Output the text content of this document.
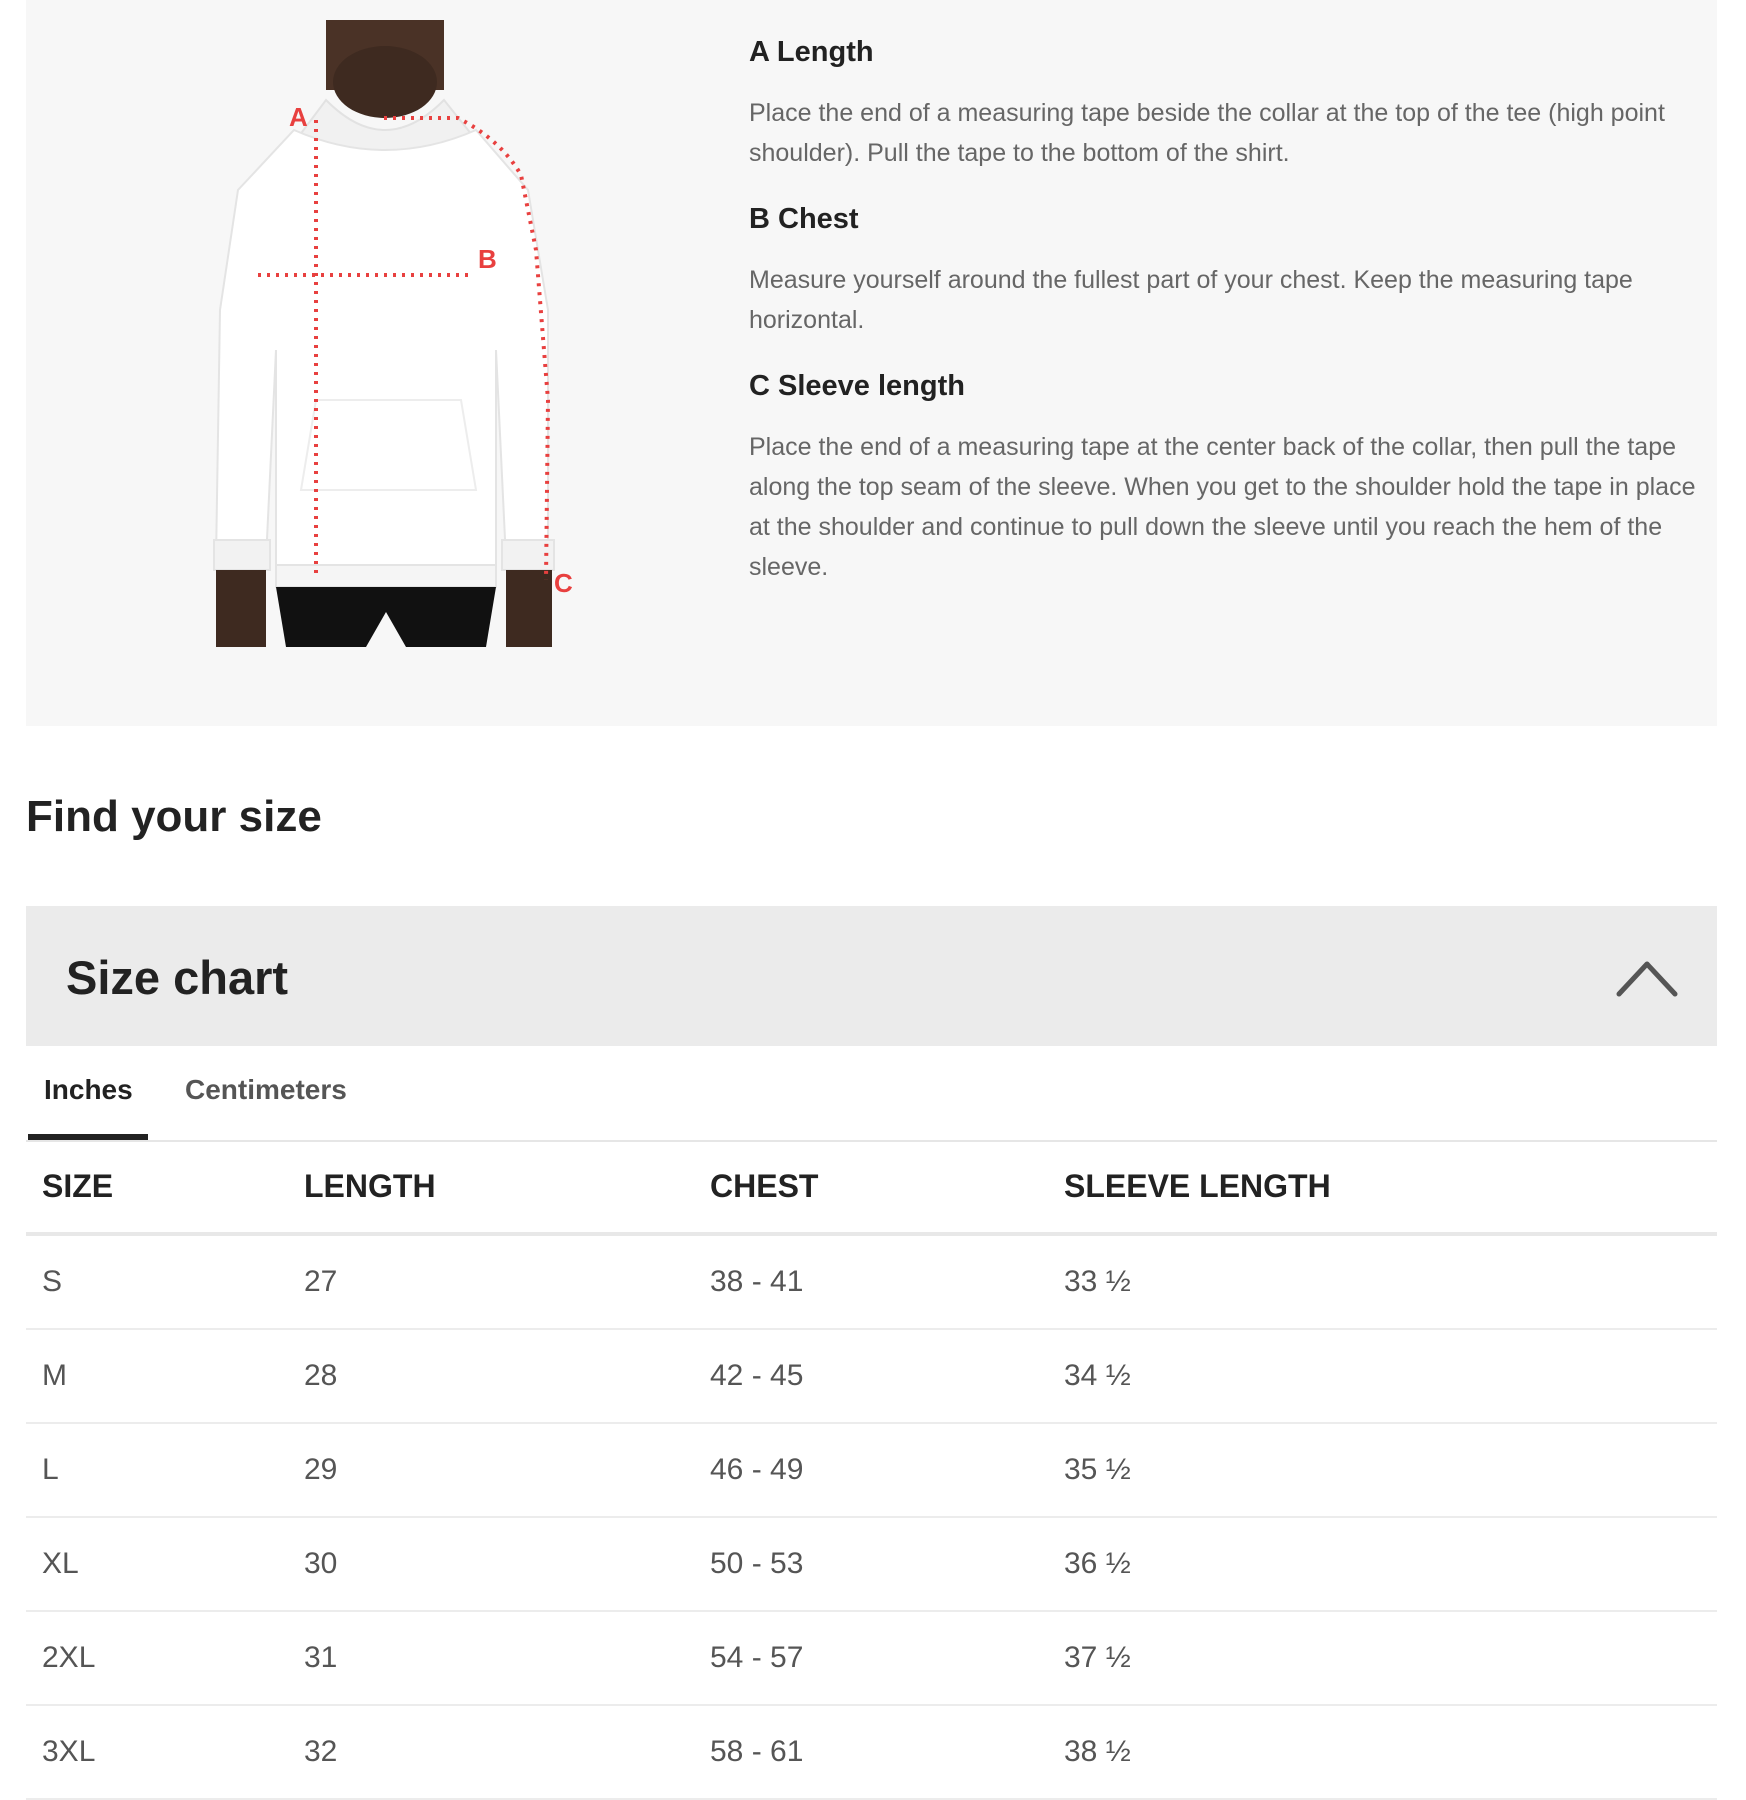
A
B
C
A Length

Place the end of a measuring tape beside the collar at the top of the tee (high point shoulder). Pull the tape to the bottom of the shirt.

B Chest

Measure yourself around the fullest part of your chest. Keep the measuring tape horizontal.

C Sleeve length

Place the end of a measuring tape at the center back of the collar, then pull the tape along the top seam of the sleeve. When you get to the shoulder hold the tape in place at the shoulder and continue to pull down the sleeve until you reach the hem of the sleeve.

Find your size
Size chart
Inches Centimeters
SIZE	LENGTH	CHEST	SLEEVE LENGTH
S	27	38 - 41	33 ½
M	28	42 - 45	34 ½
L	29	46 - 49	35 ½
XL	30	50 - 53	36 ½
2XL	31	54 - 57	37 ½
3XL	32	58 - 61	38 ½
